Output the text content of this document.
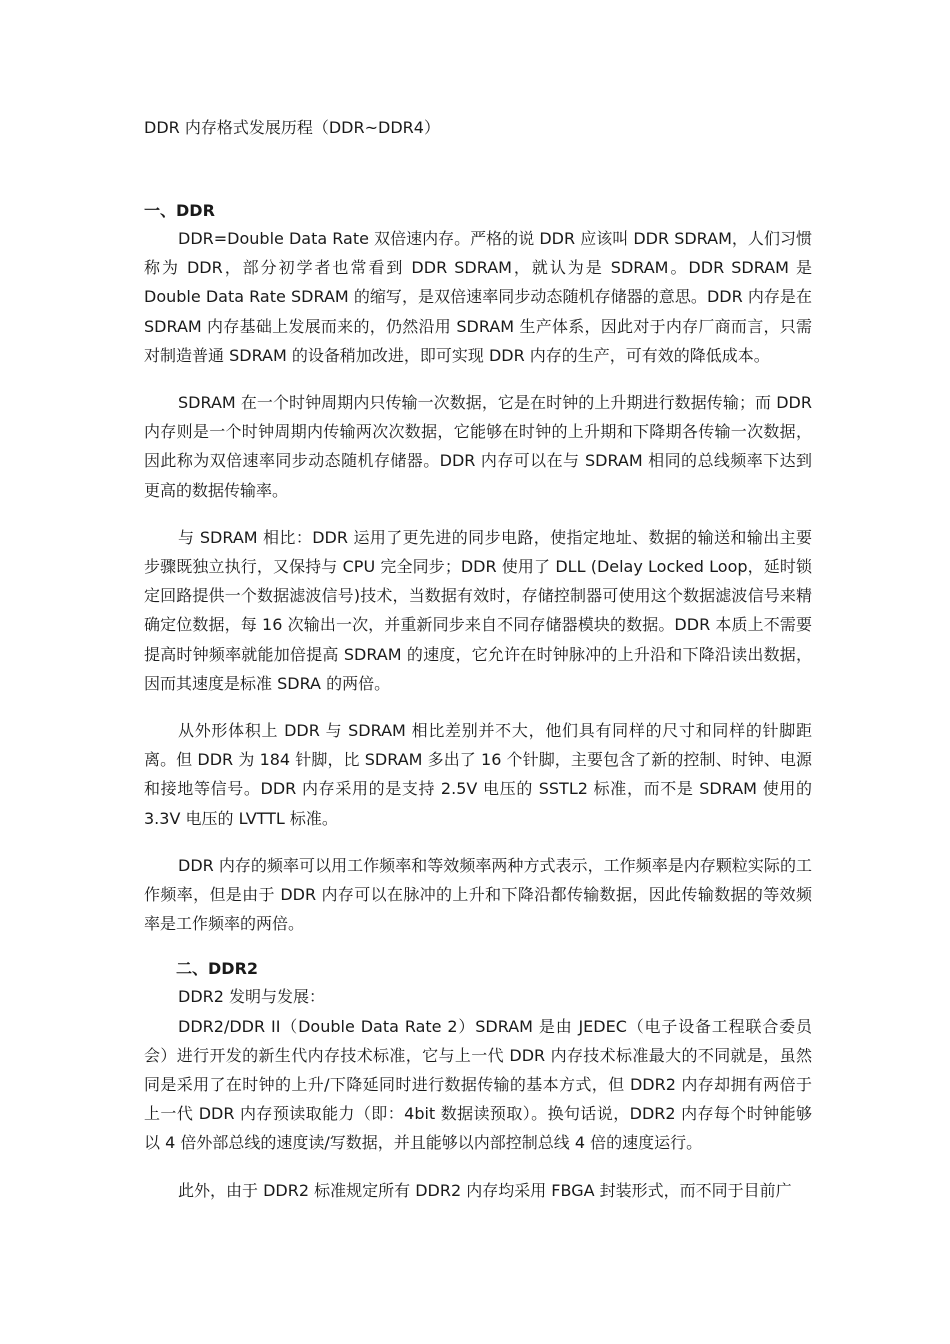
DDR 内存格式发展历程（DDR~DDR4）
一、DDR

DDR=Double Data Rate 双倍速内存。严格的说 DDR 应该叫 DDR SDRAM，人们习惯称为 DDR，部分初学者也常看到 DDR SDRAM，就认为是 SDRAM。DDR SDRAM 是 Double Data Rate SDRAM 的缩写，是双倍速率同步动态随机存储器的意思。DDR 内存是在SDRAM 内存基础上发展而来的，仍然沿用 SDRAM 生产体系，因此对于内存厂商而言，只需对制造普通 SDRAM 的设备稍加改进，即可实现 DDR 内存的生产，可有效的降低成本。

SDRAM 在一个时钟周期内只传输一次数据，它是在时钟的上升期进行数据传输；而 DDR 内存则是一个时钟周期内传输两次次数据，它能够在时钟的上升期和下降期各传输一次数据，因此称为双倍速率同步动态随机存储器。DDR 内存可以在与 SDRAM 相同的总线频率下达到更高的数据传输率。

与 SDRAM 相比：DDR 运用了更先进的同步电路，使指定地址、数据的输送和输出主要步骤既独立执行，又保持与 CPU 完全同步；DDR 使用了 DLL (Delay Locked Loop，延时锁定回路提供一个数据滤波信号)技术，当数据有效时，存储控制器可使用这个数据滤波信号来精确定位数据，每 16 次输出一次，并重新同步来自不同存储器模块的数据。DDR 本质上不需要提高时钟频率就能加倍提高 SDRAM 的速度，它允许在时钟脉冲的上升沿和下降沿读出数据，因而其速度是标准 SDRA 的两倍。

从外形体积上 DDR 与 SDRAM 相比差别并不大，他们具有同样的尺寸和同样的针脚距离。但 DDR 为 184 针脚，比 SDRAM 多出了 16 个针脚，主要包含了新的控制、时钟、电源和接地等信号。DDR 内存采用的是支持 2.5V 电压的 SSTL2 标准，而不是 SDRAM 使用的 3.3V 电压的 LVTTL 标准。

DDR 内存的频率可以用工作频率和等效频率两种方式表示，工作频率是内存颗粒实际的工作频率，但是由于 DDR 内存可以在脉冲的上升和下降沿都传输数据，因此传输数据的等效频率是工作频率的两倍。

二、DDR2

DDR2 发明与发展：

DDR2/DDR II（Double Data Rate 2）SDRAM 是由 JEDEC（电子设备工程联合委员会）进行开发的新生代内存技术标准，它与上一代 DDR 内存技术标准最大的不同就是，虽然同是采用了在时钟的上升/下降延同时进行数据传输的基本方式，但 DDR2 内存却拥有两倍于上一代 DDR 内存预读取能力（即：4bit 数据读预取）。换句话说，DDR2 内存每个时钟能够以 4 倍外部总线的速度读/写数据，并且能够以内部控制总线 4 倍的速度运行。

此外，由于 DDR2 标准规定所有 DDR2 内存均采用 FBGA 封装形式，而不同于目前广
